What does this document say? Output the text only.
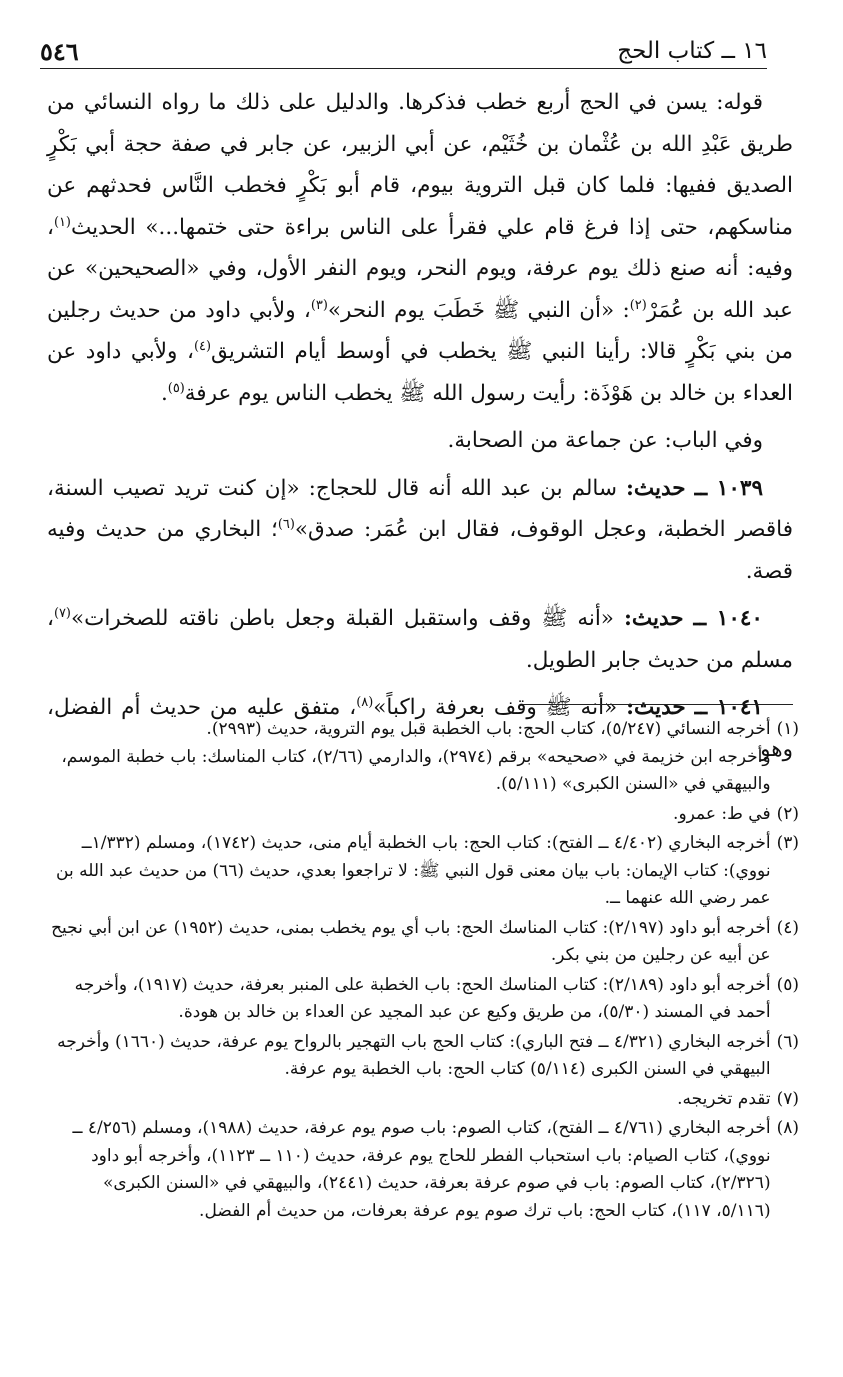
٥٤٦	١٦ ــ كتاب الحج

قوله: يسن في الحج أربع خطب فذكرها. والدليل على ذلك ما رواه النسائي من طريق عَبْدِ الله بن عُثْمان بن خُثَيْم، عن أبي الزبير، عن جابر في صفة حجة أبي بَكْرٍ الصديق ففيها: فلما كان قبل التروية بيوم، قام أبو بَكْرٍ فخطب النَّاس فحدثهم عن مناسكهم، حتى إذا فرغ قام علي فقرأ على الناس براءة حتى ختمها...» الحديث$^{(١)}$، وفيه: أنه صنع ذلك يوم عرفة، ويوم النحر، ويوم النفر الأول، وفي «الصحيحين» عن عبد الله بن عُمَرْ$^{(٢)}$: «أن النبي ﷺ خَطَبَ يوم النحر»$^{(٣)}$، ولأبي داود من حديث رجلين من بني بَكْرٍ قالا: رأينا النبي ﷺ يخطب في أوسط أيام التشريق$^{(٤)}$، ولأبي داود عن العداء بن خالد بن هَوْذَة: رأيت رسول الله ﷺ يخطب الناس يوم عرفة$^{(٥)}$.

وفي الباب: عن جماعة من الصحابة.

١٠٣٩ ــ حديث: سالم بن عبد الله أنه قال للحجاج: «إن كنت تريد تصيب السنة، فاقصر الخطبة، وعجل الوقوف، فقال ابن عُمَر: صدق»$^{(٦)}$؛ البخاري من حديث وفيه قصة.

١٠٤٠ ــ حديث: «أنه ﷺ وقف واستقبل القبلة وجعل باطن ناقته للصخرات»$^{(٧)}$، مسلم من حديث جابر الطويل.

١٠٤١ ــ حديث: «أنه ﷺ وقف بعرفة راكباً»$^{(٨)}$، متفق عليه من حديث أم الفضل، وهو

(١)

أخرجه النسائي (٥/٢٤٧)، كتاب الحج: باب الخطبة قبل يوم التروية، حديث (٢٩٩٣).

وأخرجه ابن خزيمة في «صحيحه» برقم (٢٩٧٤)، والدارمي (٢/٦٦)، كتاب المناسك: باب خطبة الموسم، والبيهقي في «السنن الكبرى» (٥/١١١).

(٢)

في ط: عمرو.

(٣)

أخرجه البخاري (٤/٤٠٢ ــ الفتح): كتاب الحج: باب الخطبة أيام منى، حديث (١٧٤٢)، ومسلم (١/٣٣٢ــ نووي): كتاب الإيمان: باب بيان معنى قول النبي ﷺ: لا تراجعوا بعدي، حديث (٦٦) من حديث عبد الله بن عمر رضي الله عنهما ــ.

(٤)

أخرجه أبو داود (٢/١٩٧): كتاب المناسك الحج: باب أي يوم يخطب بمنى، حديث (١٩٥٢) عن ابن أبي نجيح عن أبيه عن رجلين من بني بكر.

(٥)

أخرجه أبو داود (٢/١٨٩): كتاب المناسك الحج: باب الخطبة على المنبر بعرفة، حديث (١٩١٧)، وأخرجه أحمد في المسند (٥/٣٠)، من طريق وكيع عن عبد المجيد عن العداء بن خالد بن هودة.

(٦)

أخرجه البخاري (٤/٣٢١ ــ فتح الباري): كتاب الحج باب التهجير بالرواح يوم عرفة، حديث (١٦٦٠) وأخرجه البيهقي في السنن الكبرى (٥/١١٤) كتاب الحج: باب الخطبة يوم عرفة.

(٧)

تقدم تخريجه.

(٨)

أخرجه البخاري (٤/٧٦١ ــ الفتح)، كتاب الصوم: باب صوم يوم عرفة، حديث (١٩٨٨)، ومسلم (٤/٢٥٦ ــ نووي)، كتاب الصيام: باب استحباب الفطر للحاج يوم عرفة، حديث (١١٠ ــ ١١٢٣)، وأخرجه أبو داود (٢/٣٢٦)، كتاب الصوم: باب في صوم عرفة بعرفة، حديث (٢٤٤١)، والبيهقي في «السنن الكبرى» (٥/١١٦، ١١٧)، كتاب الحج: باب ترك صوم يوم عرفة بعرفات، من حديث أم الفضل.
